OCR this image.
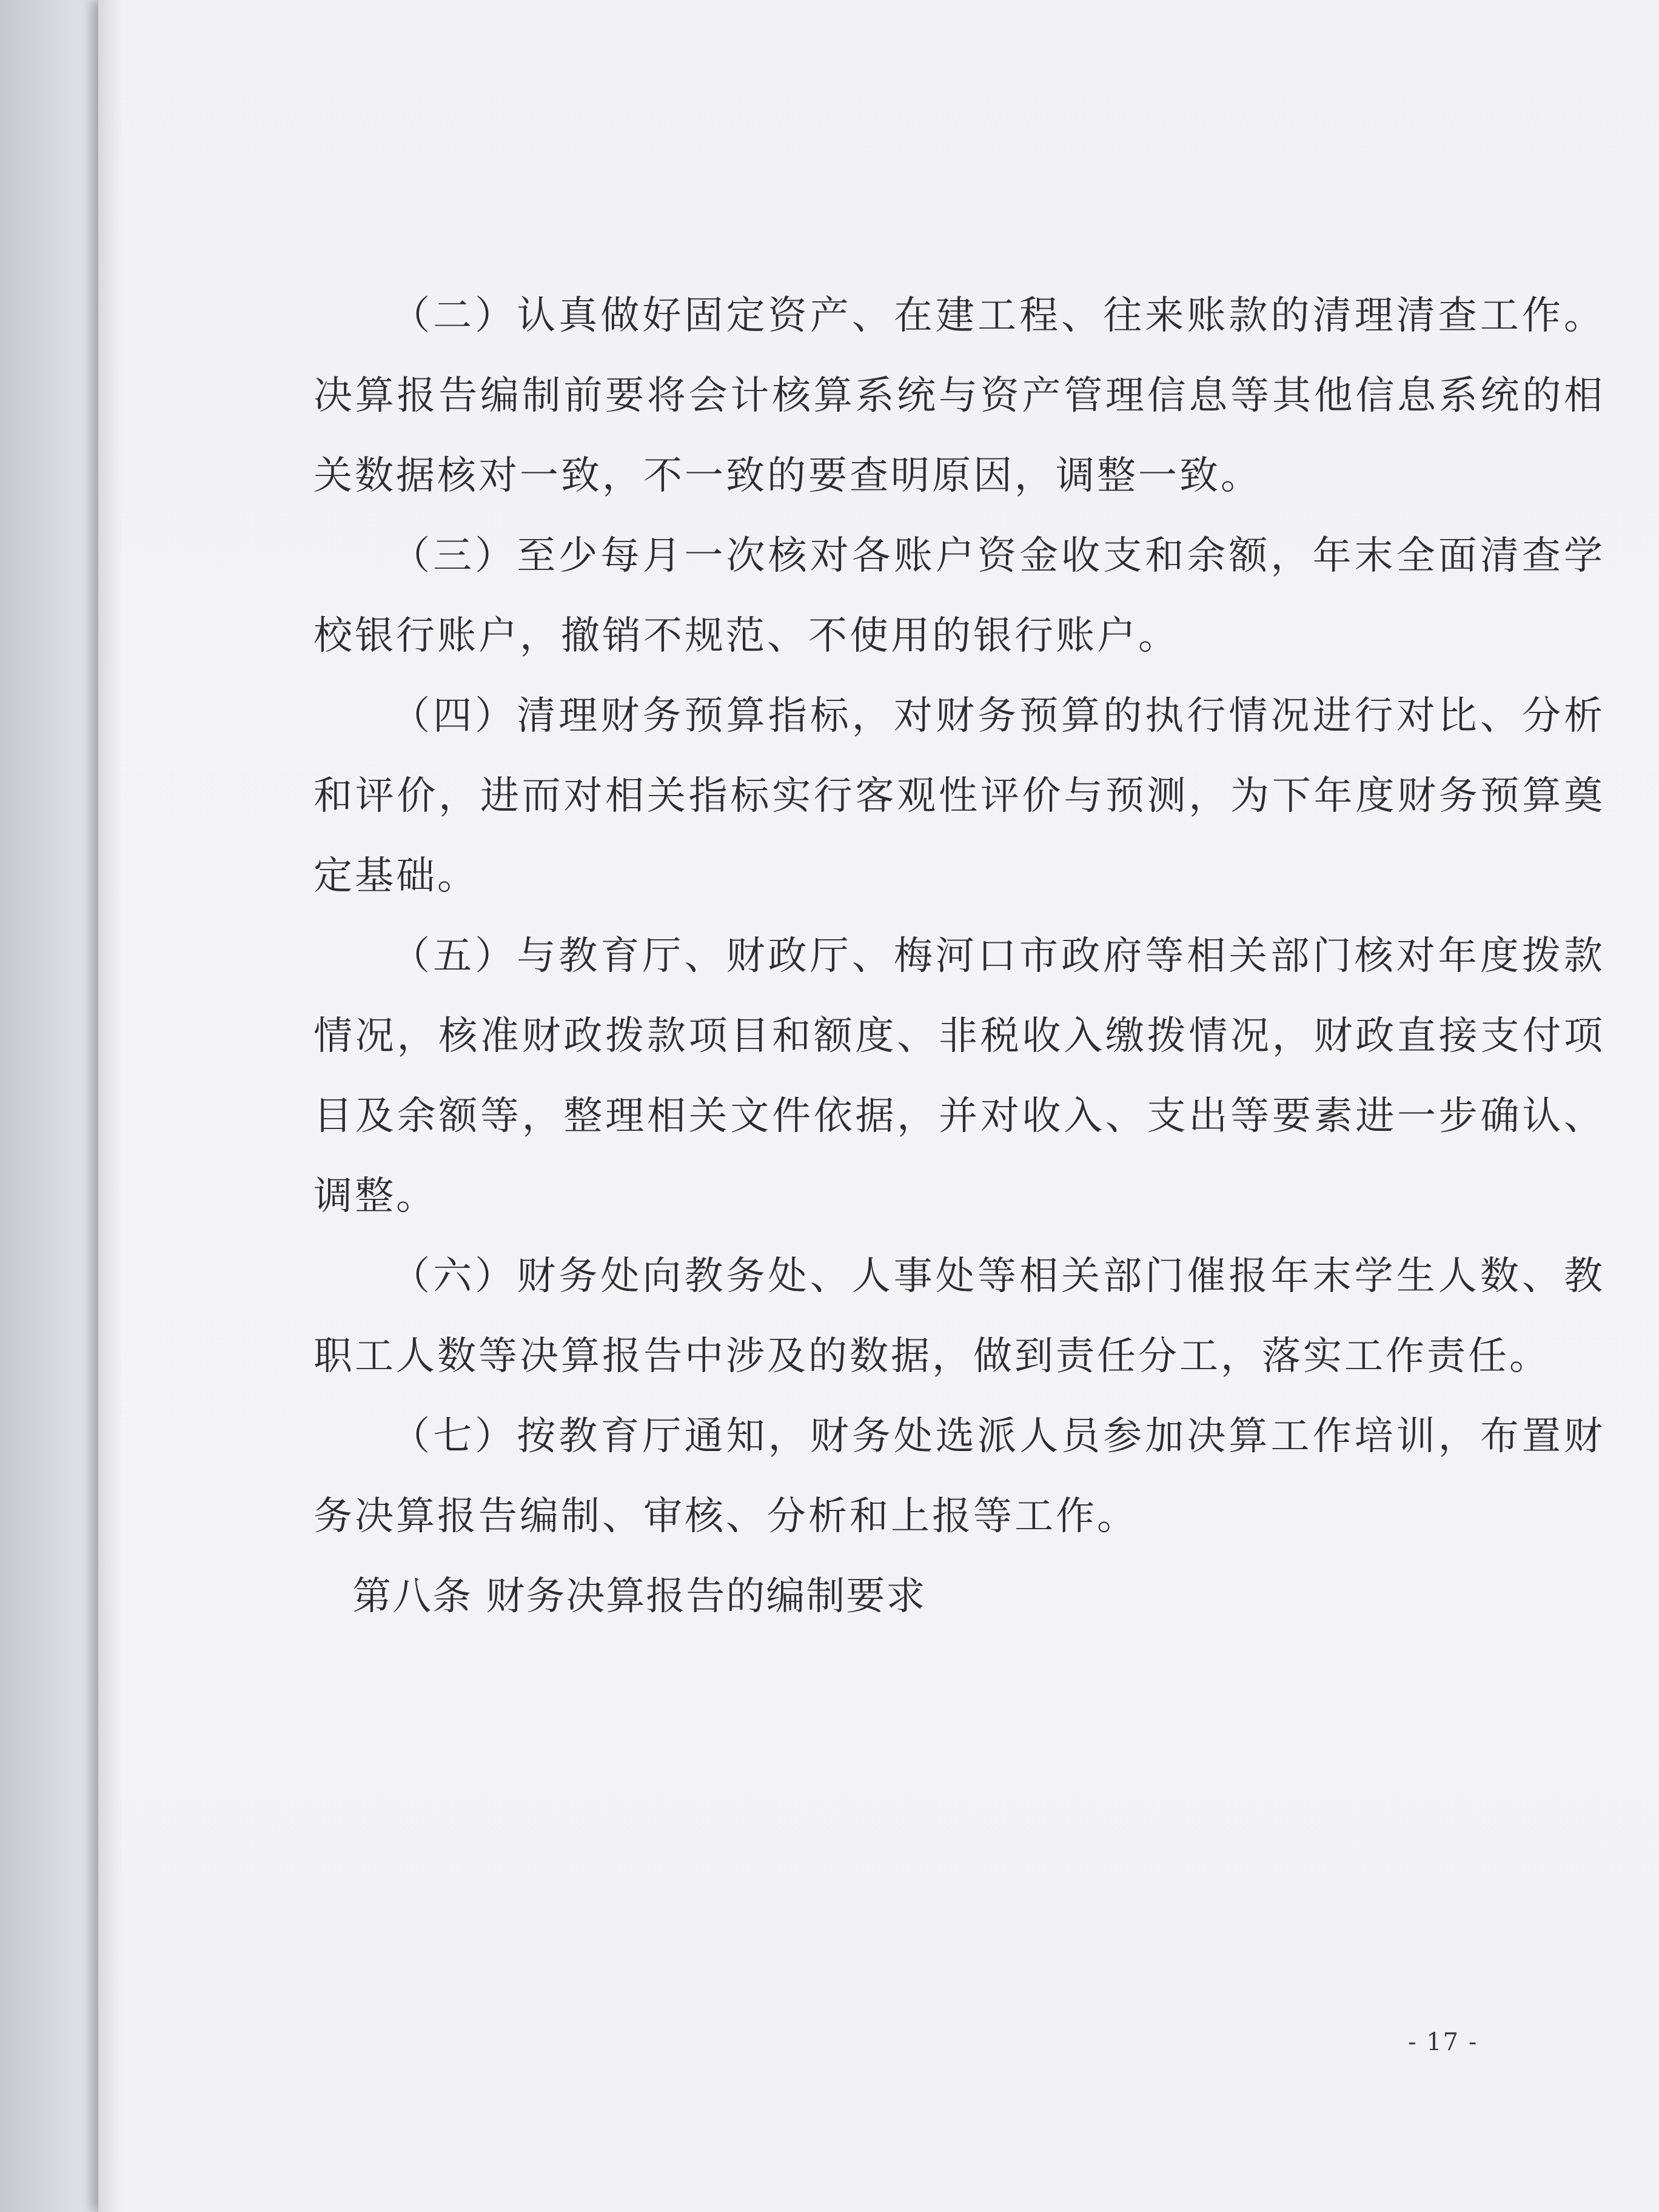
（二）认真做好固定资产、在建工程、往来账款的清理清查工作。决算报告编制前要将会计核算系统与资产管理信息等其他信息系统的相关数据核对一致，不一致的要查明原因，调整一致。

（三）至少每月一次核对各账户资金收支和余额，年末全面清查学校银行账户，撤销不规范、不使用的银行账户。

（四）清理财务预算指标，对财务预算的执行情况进行对比、分析和评价，进而对相关指标实行客观性评价与预测，为下年度财务预算奠定基础。

（五）与教育厅、财政厅、梅河口市政府等相关部门核对年度拨款情况，核准财政拨款项目和额度、非税收入缴拨情况，财政直接支付项目及余额等，整理相关文件依据，并对收入、支出等要素进一步确认、调整。

（六）财务处向教务处、人事处等相关部门催报年末学生人数、教职工人数等决算报告中涉及的数据，做到责任分工，落实工作责任。

（七）按教育厅通知，财务处选派人员参加决算工作培训，布置财务决算报告编制、审核、分析和上报等工作。

第八条 财务决算报告的编制要求

- 17 -
